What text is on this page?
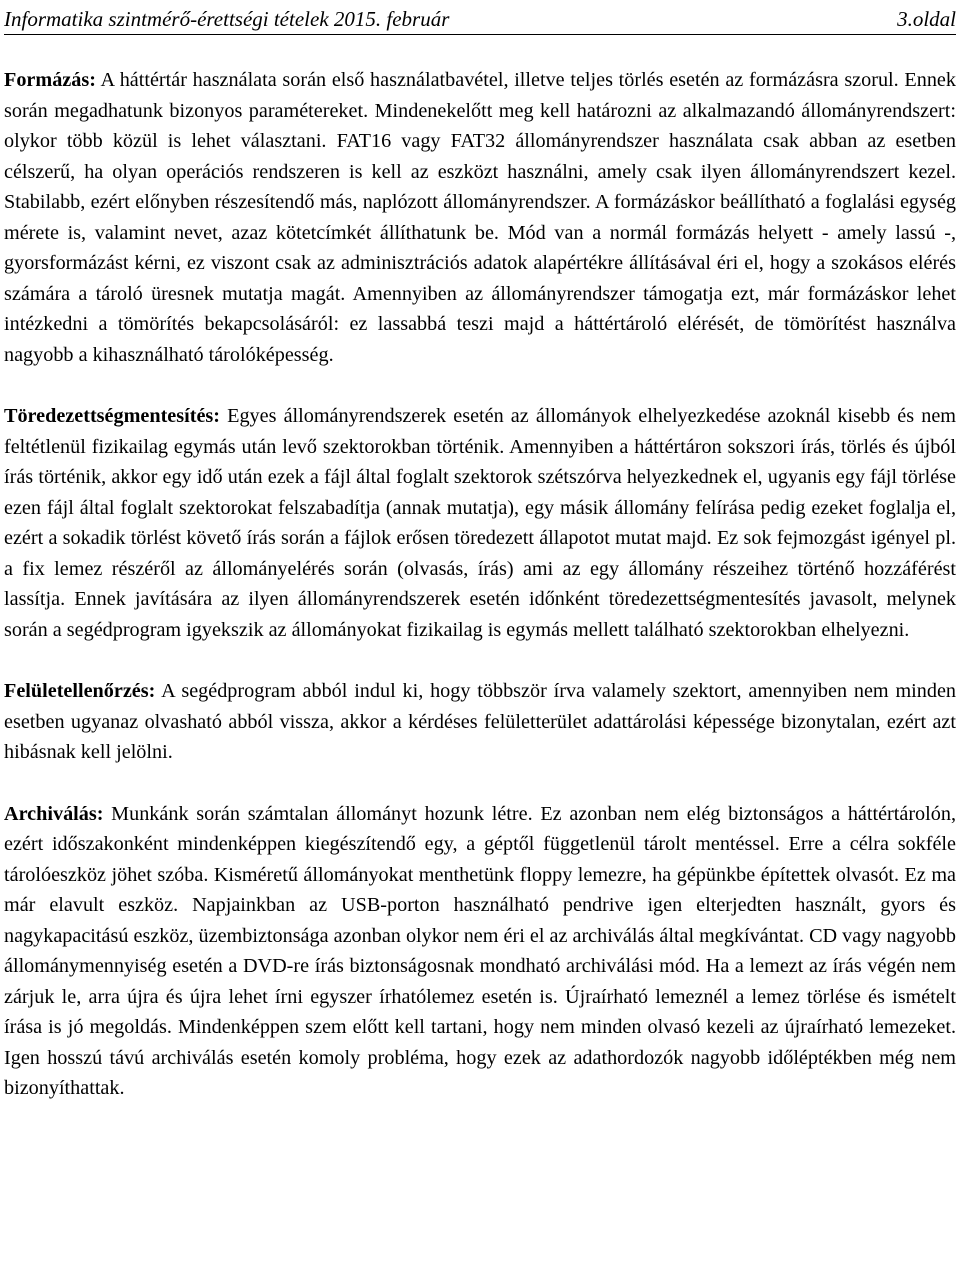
Informatika szintmérő-érettségi tételek 2015. február	3.oldal

Formázás: A háttértár használata során első használatbavétel, illetve teljes törlés esetén az formázásra szorul. Ennek során megadhatunk bizonyos paramétereket. Mindenekelőtt meg kell határozni az alkalmazandó állományrendszert: olykor több közül is lehet választani. FAT16 vagy FAT32 állományrendszer használata csak abban az esetben célszerű, ha olyan operációs rendszeren is kell az eszközt használni, amely csak ilyen állományrendszert kezel. Stabilabb, ezért előnyben részesítendő más, naplózott állományrendszer. A formázáskor beállítható a foglalási egység mérete is, valamint nevet, azaz kötetcímkét állíthatunk be. Mód van a normál formázás helyett - amely lassú -, gyorsformázást kérni, ez viszont csak az adminisztrációs adatok alapértékre állításával éri el, hogy a szokásos elérés számára a tároló üresnek mutatja magát. Amennyiben az állományrendszer támogatja ezt, már formázáskor lehet intézkedni a tömörítés bekapcsolásáról: ez lassabbá teszi majd a háttértároló elérését, de tömörítést használva nagyobb a kihasználható tárolóképesség.

Töredezettségmentesítés: Egyes állományrendszerek esetén az állományok elhelyezkedése azoknál kisebb és nem feltétlenül fizikailag egymás után levő szektorokban történik. Amennyiben a háttértáron sokszori írás, törlés és újból írás történik, akkor egy idő után ezek a fájl által foglalt szektorok szétszórva helyezkednek el, ugyanis egy fájl törlése ezen fájl által foglalt szektorokat felszabadítja (annak mutatja), egy másik állomány felírása pedig ezeket foglalja el, ezért a sokadik törlést követő írás során a fájlok erősen töredezett állapotot mutat majd. Ez sok fejmozgást igényel pl. a fix lemez részéről az állományelérés során (olvasás, írás) ami az egy állomány részeihez történő hozzáférést lassítja. Ennek javítására az ilyen állományrendszerek esetén időnként töredezettségmentesítés javasolt, melynek során a segédprogram igyekszik az állományokat fizikailag is egymás mellett található szektorokban elhelyezni.

Felületellenőrzés: A segédprogram abból indul ki, hogy többször írva valamely szektort, amennyiben nem minden esetben ugyanaz olvasható abból vissza, akkor a kérdéses felületterület adattárolási képessége bizonytalan, ezért azt hibásnak kell jelölni.

Archiválás: Munkánk során számtalan állományt hozunk létre. Ez azonban nem elég biztonságos a háttértárolón, ezért időszakonként mindenképpen kiegészítendő egy, a géptől függetlenül tárolt mentéssel. Erre a célra sokféle tárolóeszköz jöhet szóba. Kisméretű állományokat menthetünk floppy lemezre, ha gépünkbe építettek olvasót. Ez ma már elavult eszköz. Napjainkban az USB-porton használható pendrive igen elterjedten használt, gyors és nagykapacitású eszköz, üzembiztonsága azonban olykor nem éri el az archiválás által megkívántat. CD vagy nagyobb állománymennyiség esetén a DVD-re írás biztonságosnak mondható archiválási mód. Ha a lemezt az írás végén nem zárjuk le, arra újra és újra lehet írni egyszer írhatólemez esetén is. Újraírható lemeznél a lemez törlése és ismételt írása is jó megoldás. Mindenképpen szem előtt kell tartani, hogy nem minden olvasó kezeli az újraírható lemezeket. Igen hosszú távú archiválás esetén komoly probléma, hogy ezek az adathordozók nagyobb időléptékben még nem bizonyíthattak.
